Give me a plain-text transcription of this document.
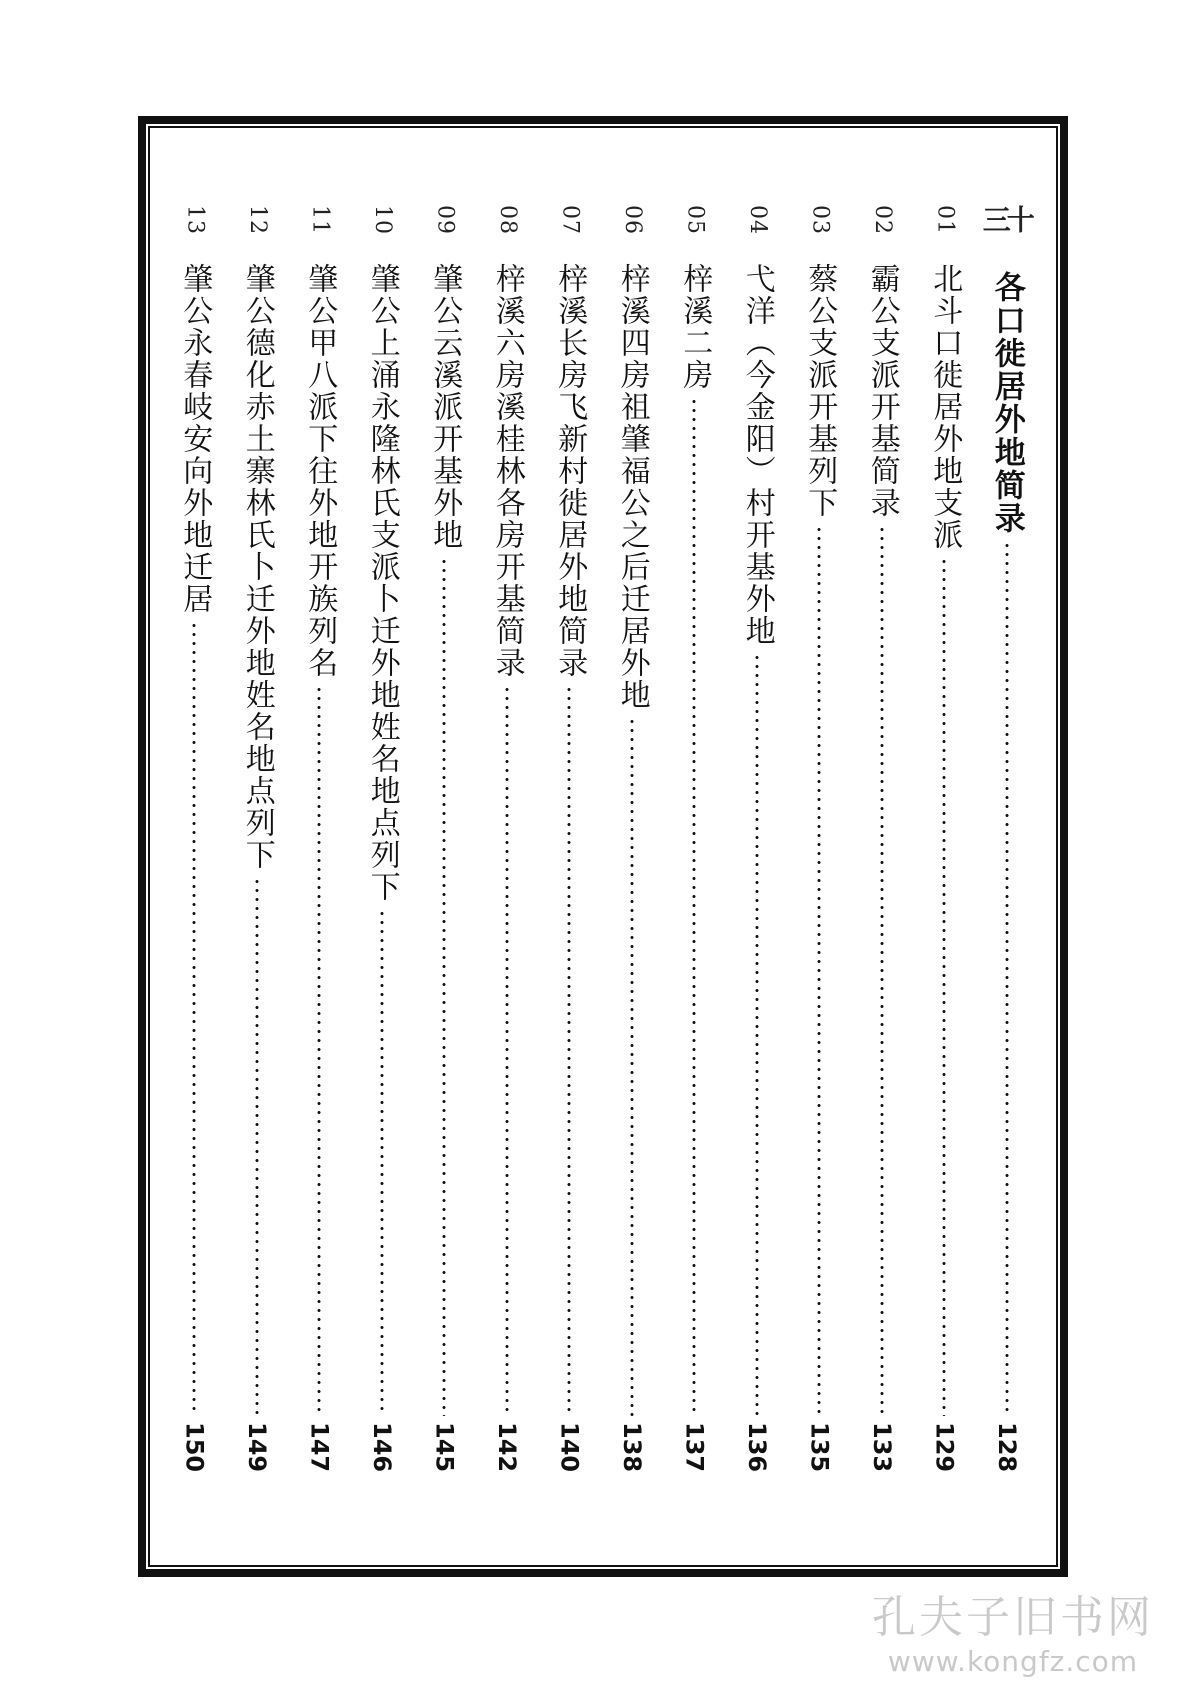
十三
各口徙居外地简录
128
01
北斗口徙居外地支派
129
02
霸公支派开基简录
133
03
蔡公支派开基列下
135
04
弋洋（今金阳）村开基外地
136
05
梓溪二房
137
06
梓溪四房祖肇福公之后迁居外地
138
07
梓溪长房飞新村徙居外地简录
140
08
梓溪六房溪桂林各房开基简录
142
09
肇公云溪派开基外地
145
10
肇公上涌永隆林氏支派卜迁外地姓名地点列下
146
11
肇公甲八派下往外地开族列名
147
12
肇公德化赤土寨林氏卜迁外地姓名地点列下
149
13
肇公永春岐安向外地迁居
150
孔夫子旧书网
www.kongfz.com
